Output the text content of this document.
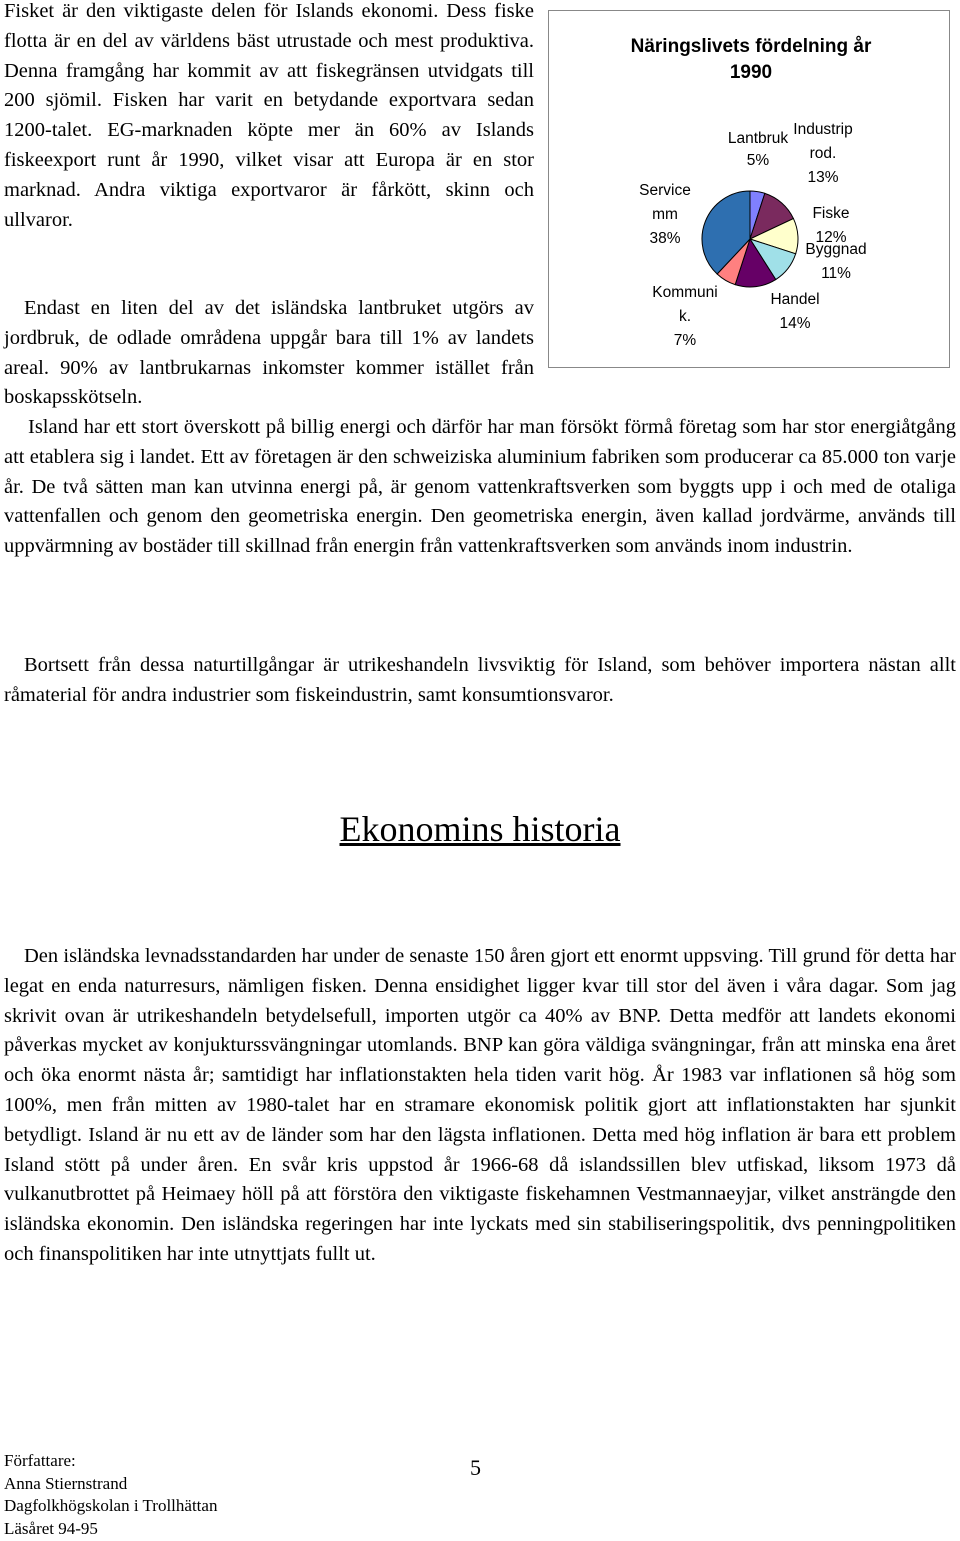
Fisket är den viktigaste delen för Islands ekonomi. Dess fiske flotta är en del av världens bäst utrustade och mest produktiva. Denna framgång har kommit av att fiskegränsen utvidgats till 200 sjömil. Fisken har varit en betydande exportvara sedan 1200-talet. EG-marknaden köpte mer än 60% av Islands fiskeexport runt år 1990, vilket visar att Europa är en stor marknad. Andra viktiga exportvaror är fårkött, skinn och ullvaror.

Näringslivets fördelning år
1990
Lantbruk 5%
Industrip rod. 13%
Fiske 12%
Byggnad 11%
Handel 14%
Kommuni k. 7%
Service mm 38%

Endast en liten del av det isländska lantbruket utgörs av jordbruk, de odlade områdena uppgår bara till 1% av landets areal. 90% av lantbrukarnas inkomster kommer istället från boskapsskötseln.

Island har ett stort överskott på billig energi och därför har man försökt förmå företag som har stor energiåtgång att etablera sig i landet. Ett av företagen är den schweiziska aluminium fabriken som producerar ca 85.000 ton varje år. De två sätten man kan utvinna energi på, är genom vattenkraftsverken som byggts upp i och med de otaliga vattenfallen och genom den geometriska energin. Den geometriska energin, även kallad jordvärme, används till uppvärmning av bostäder till skillnad från energin från vattenkraftsverken som används inom industrin.

Bortsett från dessa naturtillgångar är utrikeshandeln livsviktig för Island, som behöver importera nästan allt råmaterial för andra industrier som fiskeindustrin, samt konsumtionsvaror.

Ekonomins historia

Den isländska levnadsstandarden har under de senaste 150 åren gjort ett enormt uppsving. Till grund för detta har legat en enda naturresurs, nämligen fisken. Denna ensidighet ligger kvar till stor del även i våra dagar. Som jag skrivit ovan är utrikeshandeln betydelsefull, importen utgör ca 40% av BNP. Detta medför att landets ekonomi påverkas mycket av konjukturssvängningar utomlands. BNP kan göra väldiga svängningar, från att minska ena året och öka enormt nästa år; samtidigt har inflationstakten hela tiden varit hög. År 1983 var inflationen så hög som 100%, men från mitten av 1980-talet har en stramare ekonomisk politik gjort att inflationstakten har sjunkit betydligt. Island är nu ett av de länder som har den lägsta inflationen. Detta med hög inflation är bara ett problem Island stött på under åren. En svår kris uppstod år 1966-68 då islandssillen blev utfiskad, liksom 1973 då vulkanutbrottet på Heimaey höll på att förstöra den viktigaste fiskehamnen Vestmannaeyjar, vilket ansträngde den isländska ekonomin. Den isländska regeringen har inte lyckats med sin stabiliseringspolitik, dvs penningpolitiken och finanspolitiken har inte utnyttjats fullt ut.

Författare:
Anna Stiernstrand
Dagfolkhögskolan i Trollhättan
Läsåret 94-95
5
